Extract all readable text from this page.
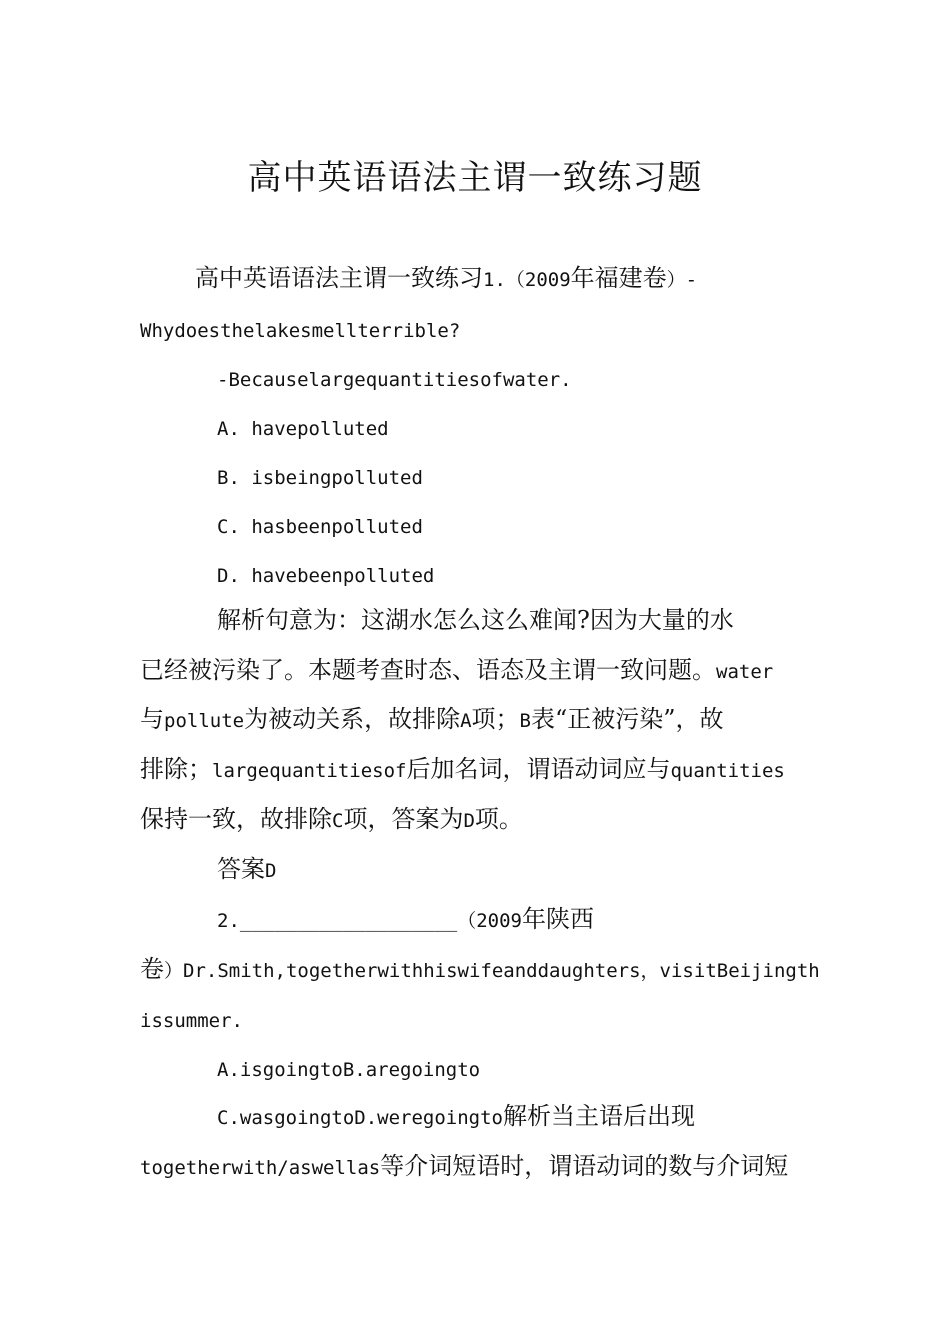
高中英语语法主谓一致练习题
高中英语语法主谓一致练习1.（2009年福建卷）-
Whydoesthelakesmellterrible?
-Becauselargequantitiesofwater.
A. havepolluted
B. isbeingpolluted
C. hasbeenpolluted
D. havebeenpolluted
解析句意为：这湖水怎么这么难闻?因为大量的水
已经被污染了。本题考查时态、语态及主谓一致问题。water
与pollute为被动关系，故排除A项；B表“正被污染”，故
排除；largequantitiesof后加名词，谓语动词应与quantities
保持一致，故排除C项，答案为D项。
答案D
2.___________________（2009年陕西
卷）Dr.Smith,togetherwithhiswifeanddaughters，visitBeijingth
issummer.
A.isgoingtoB.aregoingto
C.wasgoingtoD.weregoingto解析当主语后出现
togetherwith/aswellas等介词短语时，谓语动词的数与介词短
